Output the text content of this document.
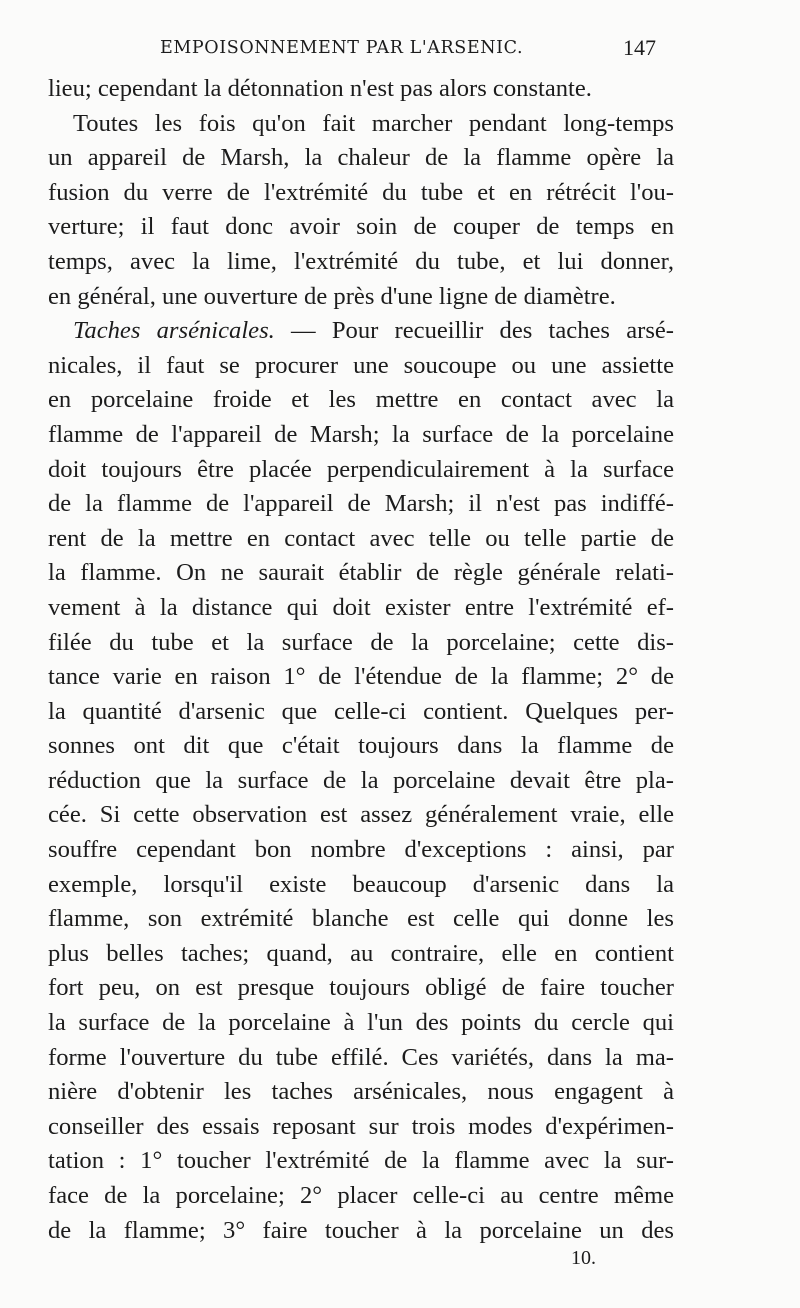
EMPOISONNEMENT PAR L'ARSENIC.	147
lieu; cependant la détonnation n'est pas alors constante.
Toutes les fois qu'on fait marcher pendant long-temps
un appareil de Marsh, la chaleur de la flamme opère la
fusion du verre de l'extrémité du tube et en rétrécit l'ou-
verture; il faut donc avoir soin de couper de temps en
temps, avec la lime, l'extrémité du tube, et lui donner,
en général, une ouverture de près d'une ligne de diamètre.
Taches arsénicales. — Pour recueillir des taches arsé-
nicales, il faut se procurer une soucoupe ou une assiette
en porcelaine froide et les mettre en contact avec la
flamme de l'appareil de Marsh; la surface de la porcelaine
doit toujours être placée perpendiculairement à la surface
de la flamme de l'appareil de Marsh; il n'est pas indiffé-
rent de la mettre en contact avec telle ou telle partie de
la flamme. On ne saurait établir de règle générale relati-
vement à la distance qui doit exister entre l'extrémité ef-
filée du tube et la surface de la porcelaine; cette dis-
tance varie en raison 1° de l'étendue de la flamme; 2° de
la quantité d'arsenic que celle-ci contient. Quelques per-
sonnes ont dit que c'était toujours dans la flamme de
réduction que la surface de la porcelaine devait être pla-
cée. Si cette observation est assez généralement vraie, elle
souffre cependant bon nombre d'exceptions : ainsi, par
exemple, lorsqu'il existe beaucoup d'arsenic dans la
flamme, son extrémité blanche est celle qui donne les
plus belles taches; quand, au contraire, elle en contient
fort peu, on est presque toujours obligé de faire toucher
la surface de la porcelaine à l'un des points du cercle qui
forme l'ouverture du tube effilé. Ces variétés, dans la ma-
nière d'obtenir les taches arsénicales, nous engagent à
conseiller des essais reposant sur trois modes d'expérimen-
tation : 1° toucher l'extrémité de la flamme avec la sur-
face de la porcelaine; 2° placer celle-ci au centre même
de la flamme; 3° faire toucher à la porcelaine un des
10.
